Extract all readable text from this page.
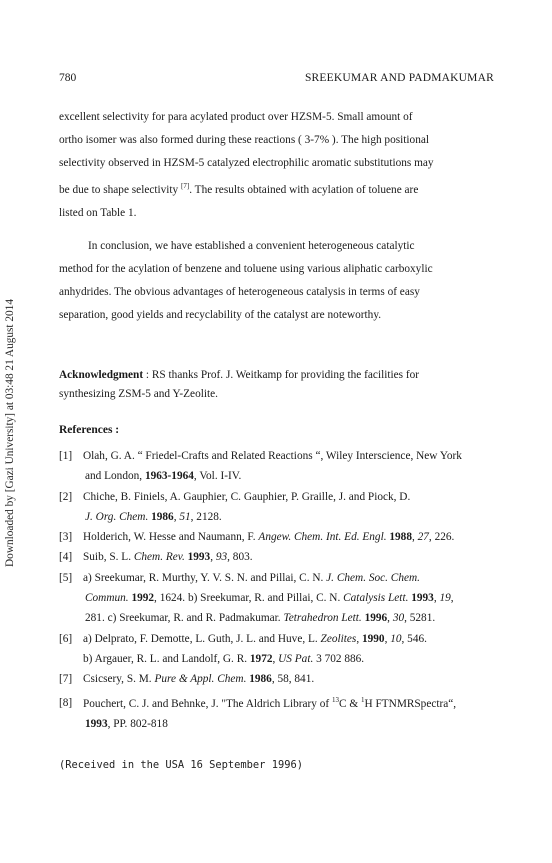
Downloaded by [Gazi University] at 03:48 21 August 2014
780	SREEKUMAR AND PADMAKUMAR
excellent selectivity for para acylated product over HZSM-5. Small amount of
ortho isomer was also formed during these reactions ( 3-7% ). The high positional
selectivity observed in HZSM-5 catalyzed electrophilic aromatic substitutions may
be due to shape selectivity [7]. The results obtained with acylation of toluene are
listed on Table 1.
In conclusion, we have established a convenient heterogeneous catalytic
method for the acylation of benzene and toluene using various aliphatic carboxylic
anhydrides. The obvious advantages of heterogeneous catalysis in terms of easy
separation, good yields and recyclability of the catalyst are noteworthy.
Acknowledgment : RS thanks Prof. J. Weitkamp for providing the facilities for
synthesizing ZSM-5 and Y-Zeolite.
References :
[1] Olah, G. A. “ Friedel-Crafts and Related Reactions “, Wiley Interscience, New York
and London, 1963-1964, Vol. I-IV.
[2] Chiche, B. Finiels, A. Gauphier, C. Gauphier, P. Graille, J. and Piock, D.
J. Org. Chem. 1986, 51, 2128.
[3] Holderich, W. Hesse and Naumann, F. Angew. Chem. Int. Ed. Engl. 1988, 27, 226.
[4] Suib, S. L. Chem. Rev. 1993, 93, 803.
[5] a) Sreekumar, R. Murthy, Y. V. S. N. and Pillai, C. N. J. Chem. Soc. Chem.
Commun. 1992, 1624. b) Sreekumar, R. and Pillai, C. N. Catalysis Lett. 1993, 19,
281. c) Sreekumar, R. and R. Padmakumar. Tetrahedron Lett. 1996, 30, 5281.
[6] a) Delprato, F. Demotte, L. Guth, J. L. and Huve, L. Zeolites, 1990, 10, 546.
b) Argauer, R. L. and Landolf, G. R. 1972, US Pat. 3 702 886.
[7] Csicsery, S. M. Pure & Appl. Chem. 1986, 58, 841.
[8] Pouchert, C. J. and Behnke, J. "The Aldrich Library of $^{13}$C & $^1$H FTNMRSpectra“,
1993, PP. 802-818
(Received in the USA 16 September 1996)
